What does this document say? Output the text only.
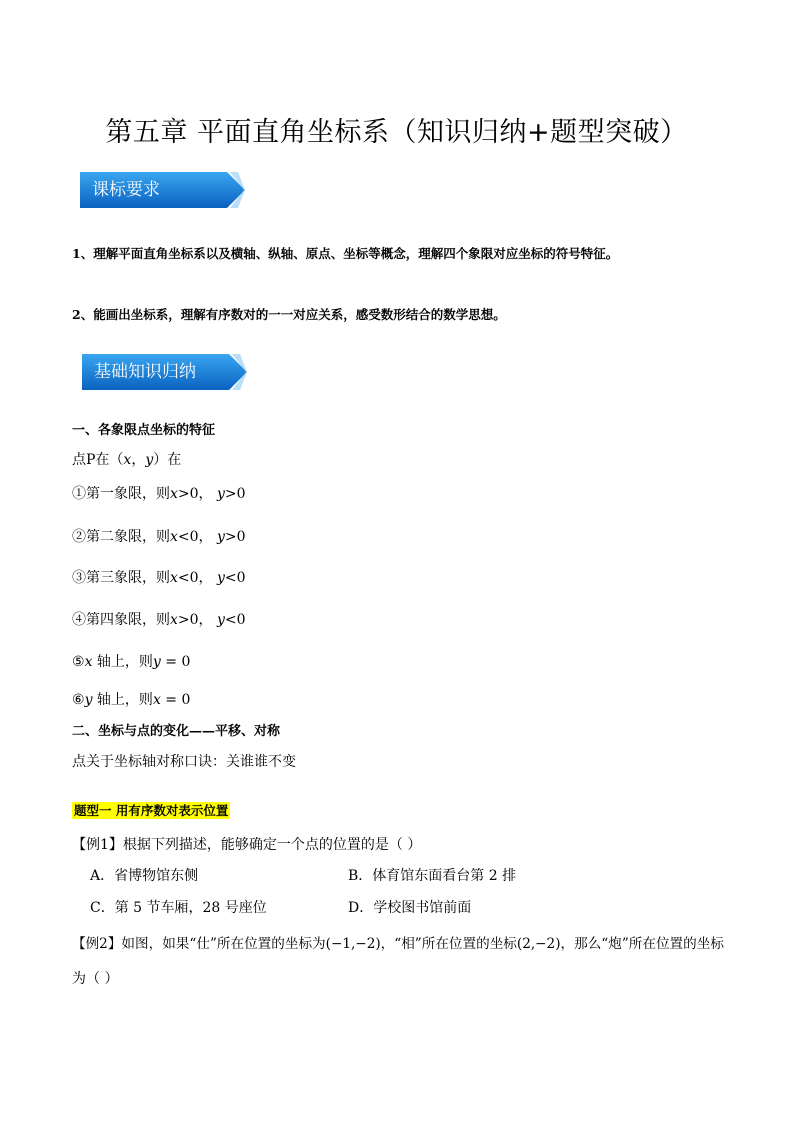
第五章 平面直角坐标系（知识归纳+题型突破）
课标要求
1、理解平面直角坐标系以及横轴、纵轴、原点、坐标等概念，理解四个象限对应坐标的符号特征。
2、能画出坐标系，理解有序数对的一一对应关系，感受数形结合的数学思想。
基础知识归纳
一、各象限点坐标的特征
点P在（x，y）在
①第一象限，则x>0， y>0
②第二象限，则x<0， y>0
③第三象限，则x<0， y<0
④第四象限，则x>0， y<0
⑤x 轴上，则y = 0
⑥y 轴上，则x = 0
二、坐标与点的变化——平移、对称
点关于坐标轴对称口诀：关谁谁不变
题型一 用有序数对表示位置
【例1】根据下列描述，能够确定一个点的位置的是（ ）
A．省博物馆东侧	B．体育馆东面看台第 2 排
C．第 5 节车厢，28 号座位	D．学校图书馆前面
【例2】如图，如果“仕”所在位置的坐标为(−1,−2)，“相”所在位置的坐标(2,−2)，那么“炮”所在位置的坐标
为（ ）
